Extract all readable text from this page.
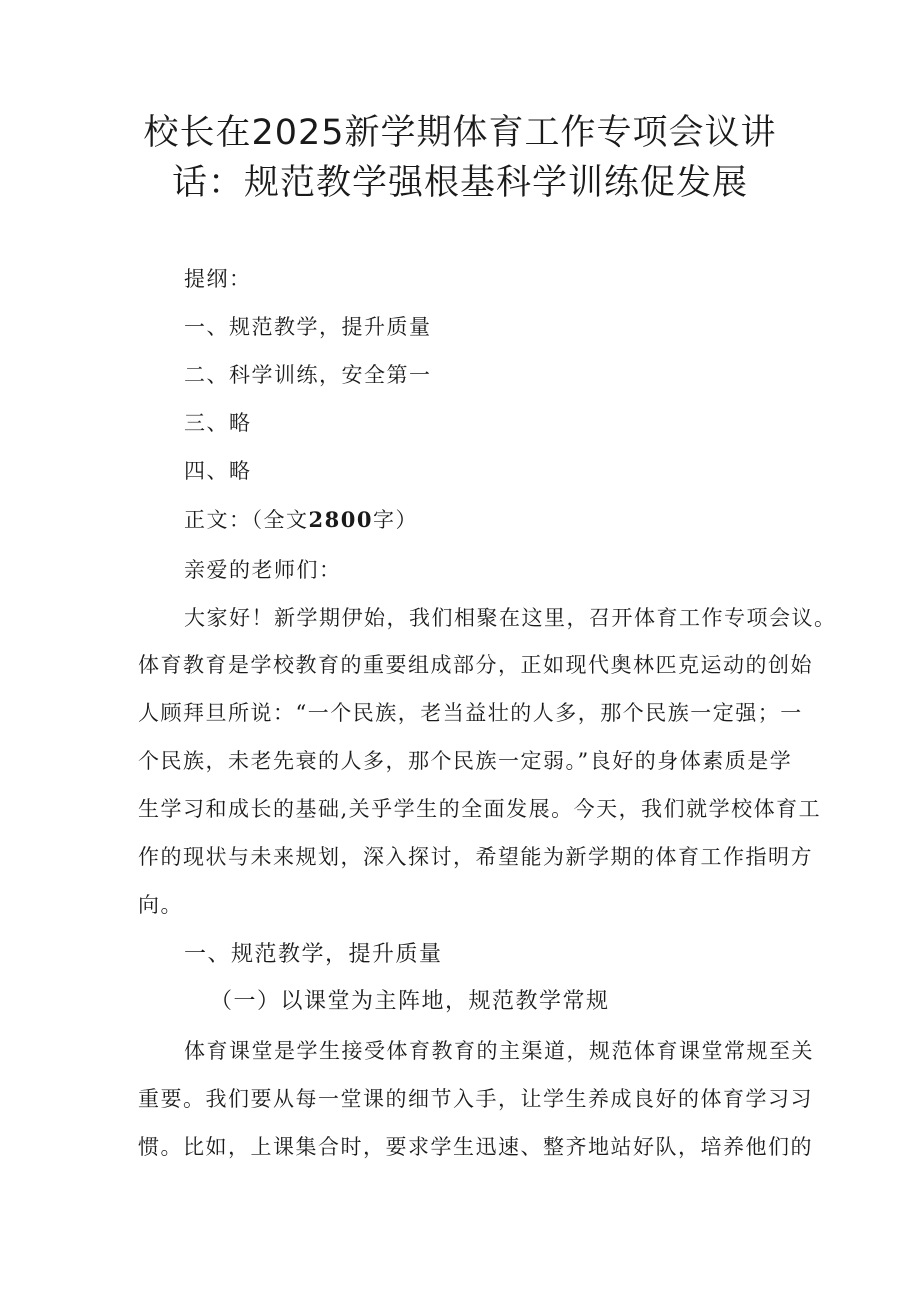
校长在2025新学期体育工作专项会议讲
话：规范教学强根基科学训练促发展
提纲：
一、规范教学，提升质量
二、科学训练，安全第一
三、略
四、略
正文：（全文2800字）
亲爱的老师们：
大家好！新学期伊始，我们相聚在这里，召开体育工作专项会议。
体育教育是学校教育的重要组成部分，正如现代奥林匹克运动的创始
人顾拜旦所说：“一个民族，老当益壮的人多，那个民族一定强；一
个民族，未老先衰的人多，那个民族一定弱。”良好的身体素质是学
生学习和成长的基础,关乎学生的全面发展。今天，我们就学校体育工
作的现状与未来规划，深入探讨，希望能为新学期的体育工作指明方
向。
一、规范教学，提升质量
（一）以课堂为主阵地，规范教学常规
体育课堂是学生接受体育教育的主渠道，规范体育课堂常规至关
重要。我们要从每一堂课的细节入手，让学生养成良好的体育学习习
惯。比如，上课集合时，要求学生迅速、整齐地站好队，培养他们的
